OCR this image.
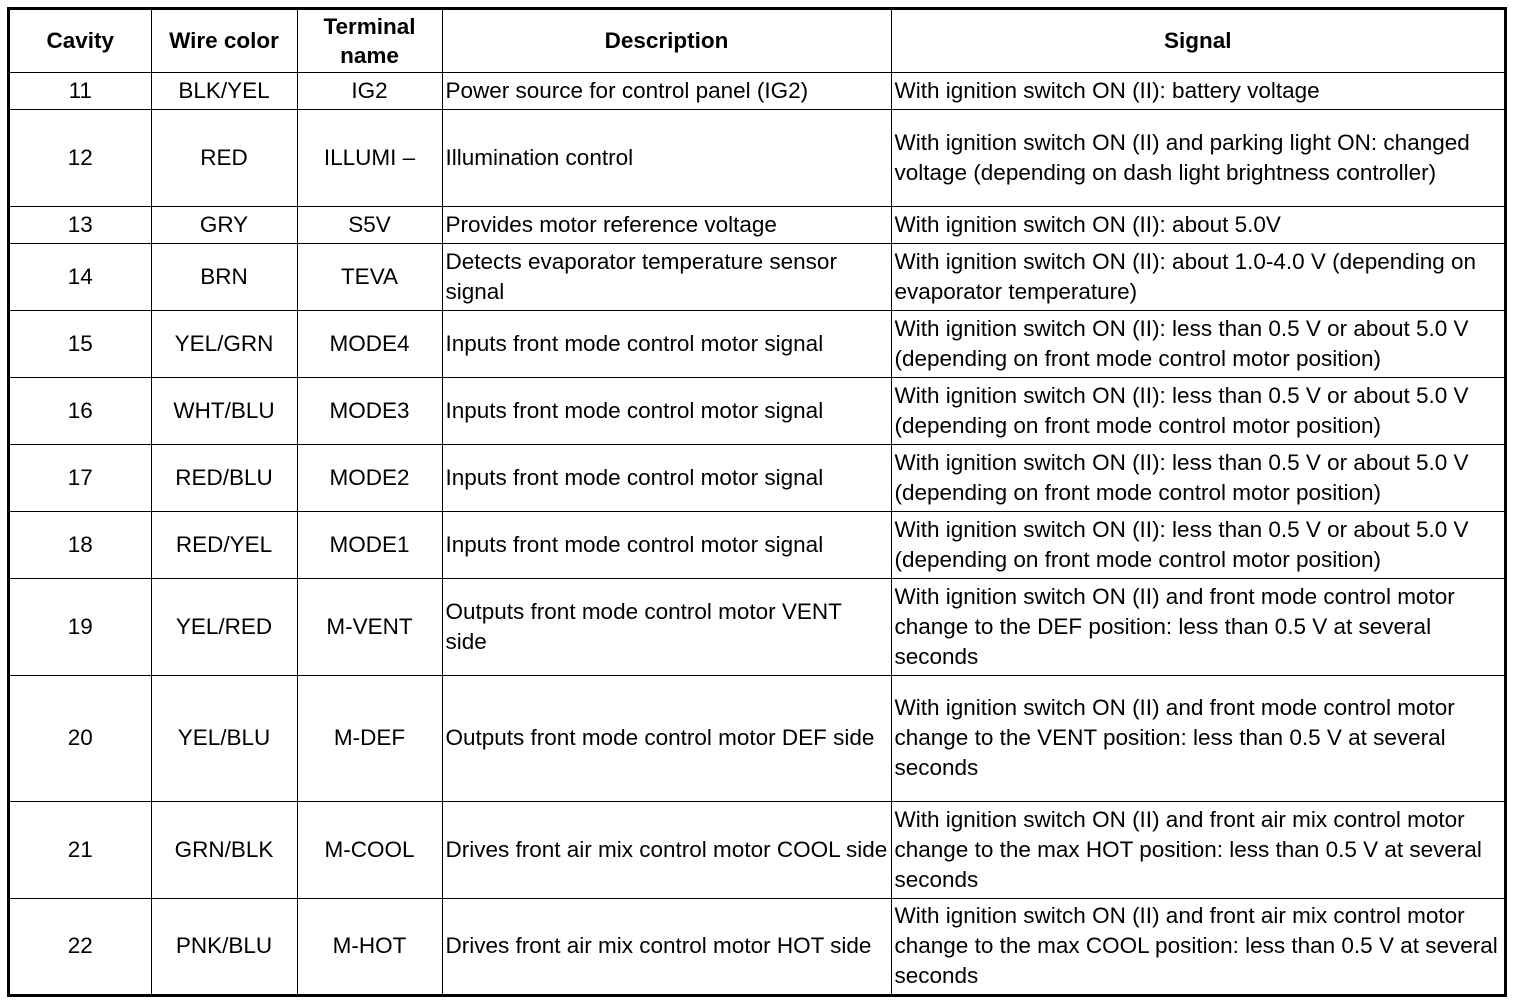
Cavity	Wire color	Terminal name	Description	Signal
11	BLK/YEL	IG2	Power source for control panel (IG2)	With ignition switch ON (II): battery voltage

12	RED	ILLUMI –	Illumination control	With ignition switch ON (II) and parking light ON: changed voltage (depending on dash light brightness controller)

13	GRY	S5V	Provides motor reference voltage	With ignition switch ON (II): about 5.0V

14	BRN	TEVA	Detects evaporator temperature sensor signal	With ignition switch ON (II): about 1.0-4.0 V (depending on evaporator temperature)

15	YEL/GRN	MODE4	Inputs front mode control motor signal	With ignition switch ON (II): less than 0.5 V or about 5.0 V (depending on front mode control motor position)

16	WHT/BLU	MODE3	Inputs front mode control motor signal	With ignition switch ON (II): less than 0.5 V or about 5.0 V (depending on front mode control motor position)

17	RED/BLU	MODE2	Inputs front mode control motor signal	With ignition switch ON (II): less than 0.5 V or about 5.0 V (depending on front mode control motor position)

18	RED/YEL	MODE1	Inputs front mode control motor signal	With ignition switch ON (II): less than 0.5 V or about 5.0 V (depending on front mode control motor position)

19	YEL/RED	M-VENT	Outputs front mode control motor VENT side	With ignition switch ON (II) and front mode control motor change to the DEF position: less than 0.5 V at several seconds

20	YEL/BLU	M-DEF	Outputs front mode control motor DEF side	With ignition switch ON (II) and front mode control motor change to the VENT position: less than 0.5 V at several
seconds

21	GRN/BLK	M-COOL	Drives front air mix control motor COOL side	With ignition switch ON (II) and front air mix control motor change to the max HOT position: less than 0.5 V at several seconds

22	PNK/BLU	M-HOT	Drives front air mix control motor HOT side	With ignition switch ON (II) and front air mix control motor change to the max COOL position: less than 0.5 V at several seconds
